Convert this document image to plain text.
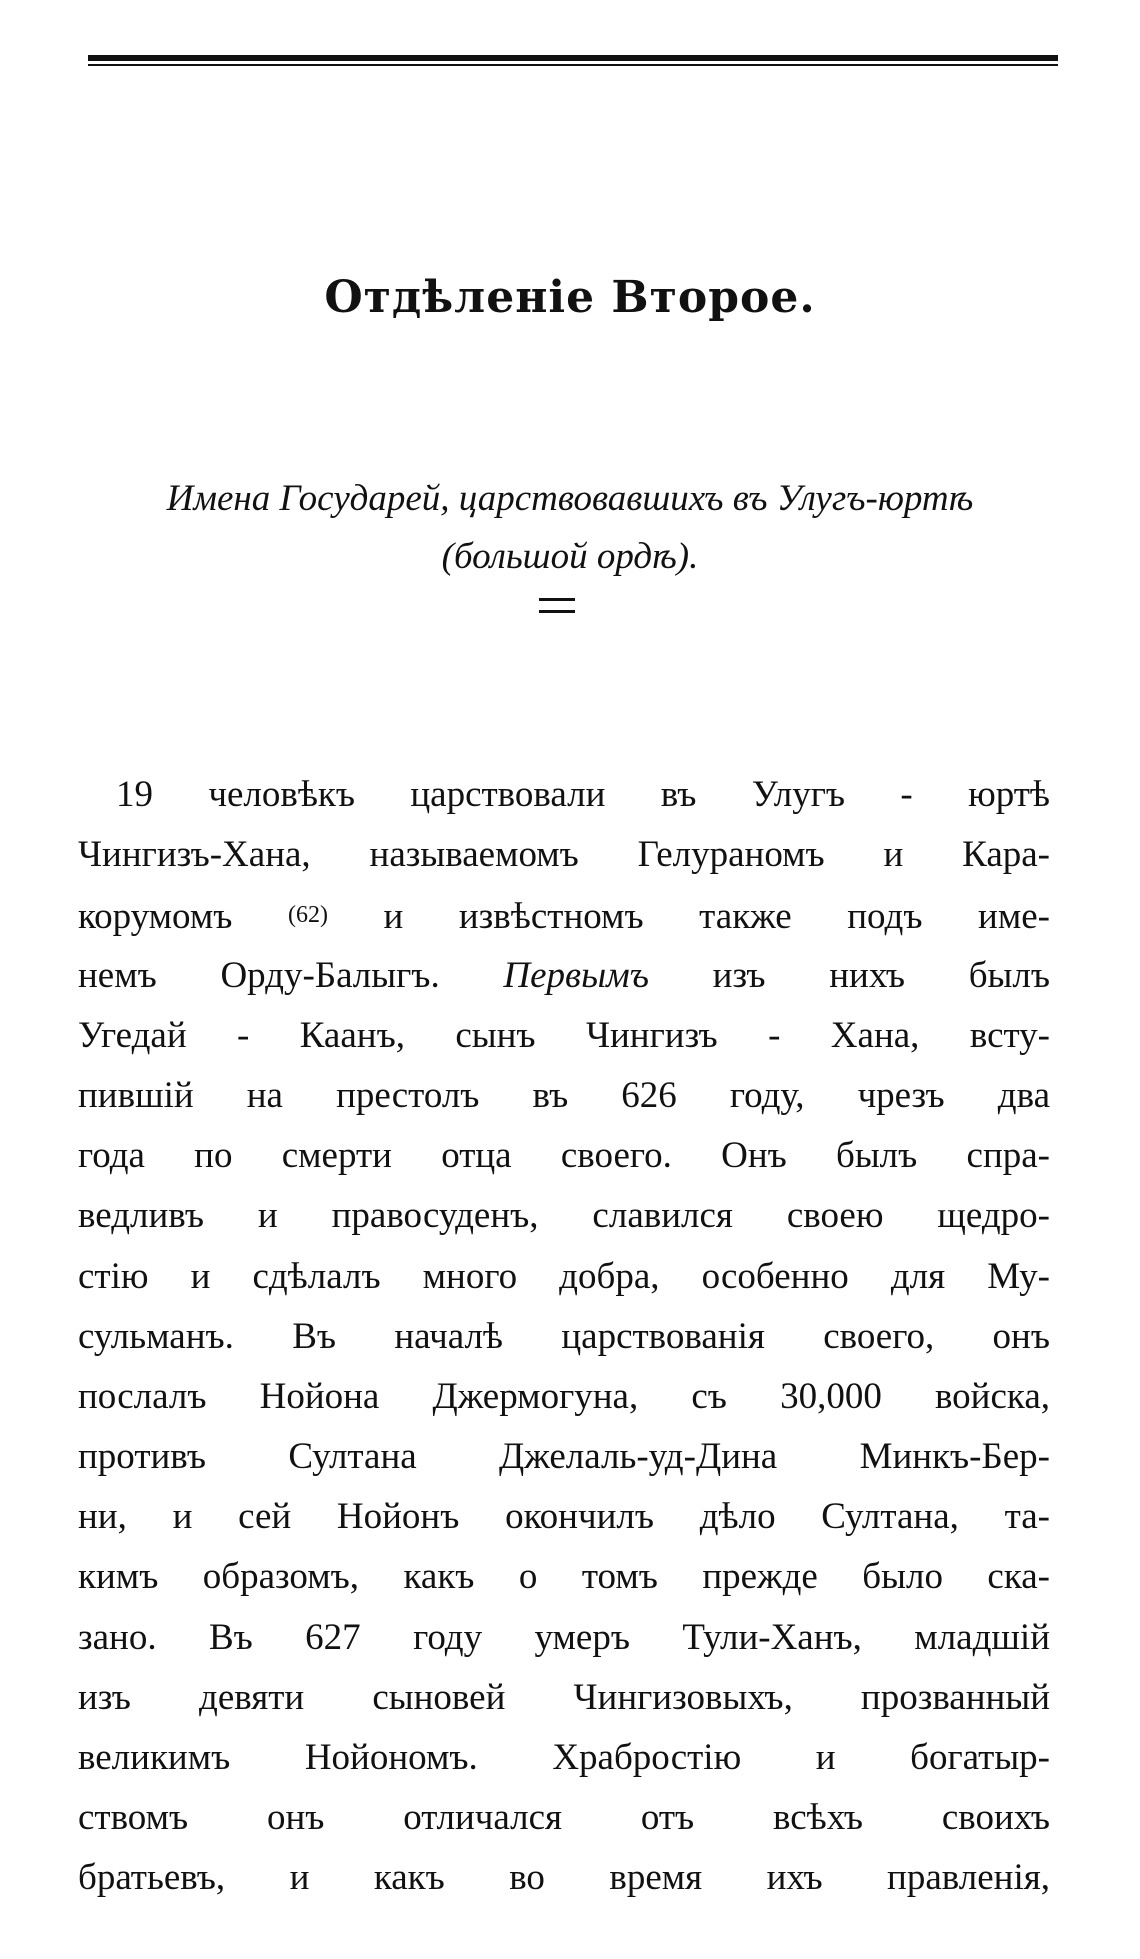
Отдѣленіе Второе.
Имена Государей, царствовавшихъ въ Улугъ-юртѣ
(большой ордѣ).
19 человѣкъ царствовали въ Улугъ - юртѣ
Чингизъ-Хана, называемомъ Гелураномъ и Кара-
корумомъ $^{(62)}$ и извѣстномъ также подъ име-
немъ Орду-Балыгъ. Первымъ изъ нихъ былъ
Угедай - Каанъ, сынъ Чингизъ - Хана, всту-
пившій на престолъ въ 626 году, чрезъ два
года по смерти отца своего. Онъ былъ спра-
ведливъ и правосуденъ, славился своею щедро-
стію и сдѣлалъ много добра, особенно для Му-
сульманъ. Въ началѣ царствованія своего, онъ
послалъ Нойона Джермогуна, съ 30,000 войска,
противъ Султана Джелаль-уд-Дина Минкъ-Бер-
ни, и сей Нойонъ окончилъ дѣло Султана, та-
кимъ образомъ, какъ о томъ прежде было ска-
зано. Въ 627 году умеръ Тули-Ханъ, младшій
изъ девяти сыновей Чингизовыхъ, прозванный
великимъ Нойономъ. Храбростію и богатыр-
ствомъ онъ отличался отъ всѣхъ своихъ
братьевъ, и какъ во время ихъ правленія,
